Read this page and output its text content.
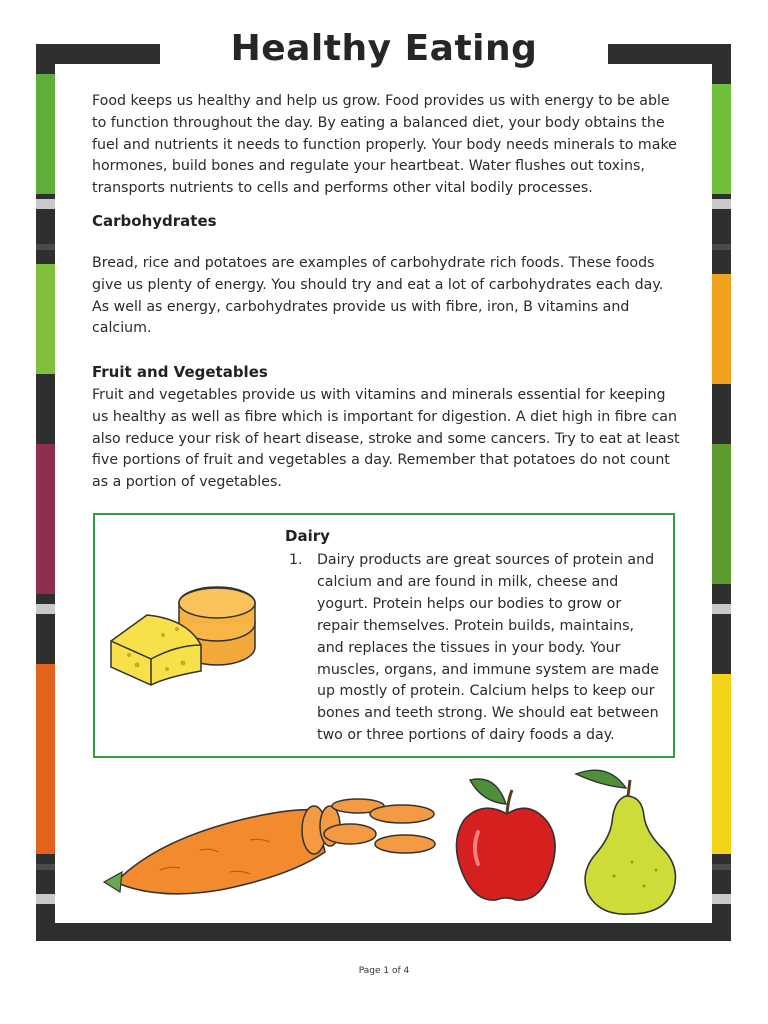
Healthy Eating

Food keeps us healthy and help us grow. Food provides us with energy to be able to function throughout the day. By eating a balanced diet, your body obtains the fuel and nutrients it needs to function properly. Your body needs minerals to make hormones, build bones and regulate your heartbeat. Water flushes out toxins, transports nutrients to cells and performs other vital bodily processes.

Carbohydrates

Bread, rice and potatoes are examples of carbohydrate rich foods. These foods give us plenty of energy. You should try and eat a lot of carbohydrates each day. As well as energy, carbohydrates provide us with fibre, iron, B vitamins and calcium.

Fruit and Vegetables

Fruit and vegetables provide us with vitamins and minerals essential for keeping us healthy as well as fibre which is important for digestion. A diet high in fibre can also reduce your risk of heart disease, stroke and some cancers. Try to eat at least five portions of fruit and vegetables a day. Remember that potatoes do not count as a portion of vegetables.

Dairy
1.	Dairy products are great sources of protein and calcium and are found in milk, cheese and yogurt. Protein helps our bodies to grow or repair themselves. Protein builds, maintains, and replaces the tissues in your body. Your muscles, organs, and immune system are made up mostly of protein. Calcium helps to keep our bones and teeth strong. We should eat between two or three portions of dairy foods a day.
Page 1 of 4
